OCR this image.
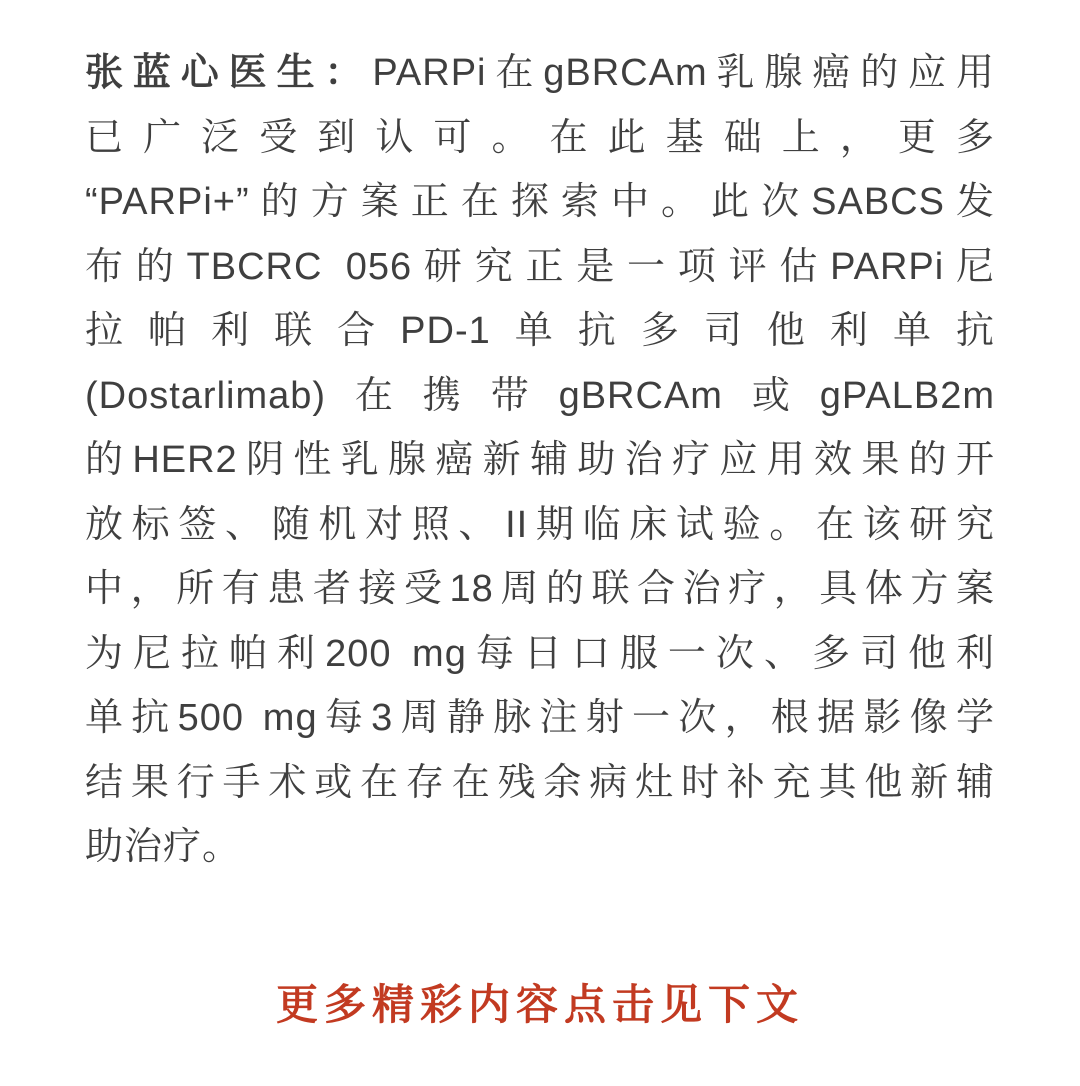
张蓝心医生：PARPi在gBRCAm乳腺癌的应用
已广泛受到认可。在此基础上，更多
“PARPi+”的方案正在探索中。此次SABCS发
布的TBCRC 056研究正是一项评估PARPi尼
拉帕利联合PD-1单抗多司他利单抗
(Dostarlimab)在携带gBRCAm或gPALB2m
的HER2阴性乳腺癌新辅助治疗应用效果的开
放标签、随机对照、II期临床试验。在该研究
中，所有患者接受18周的联合治疗，具体方案
为尼拉帕利200 mg每日口服一次、多司他利
单抗500 mg每3周静脉注射一次，根据影像学
结果行手术或在存在残余病灶时补充其他新辅
助治疗。
更多精彩内容点击见下文
